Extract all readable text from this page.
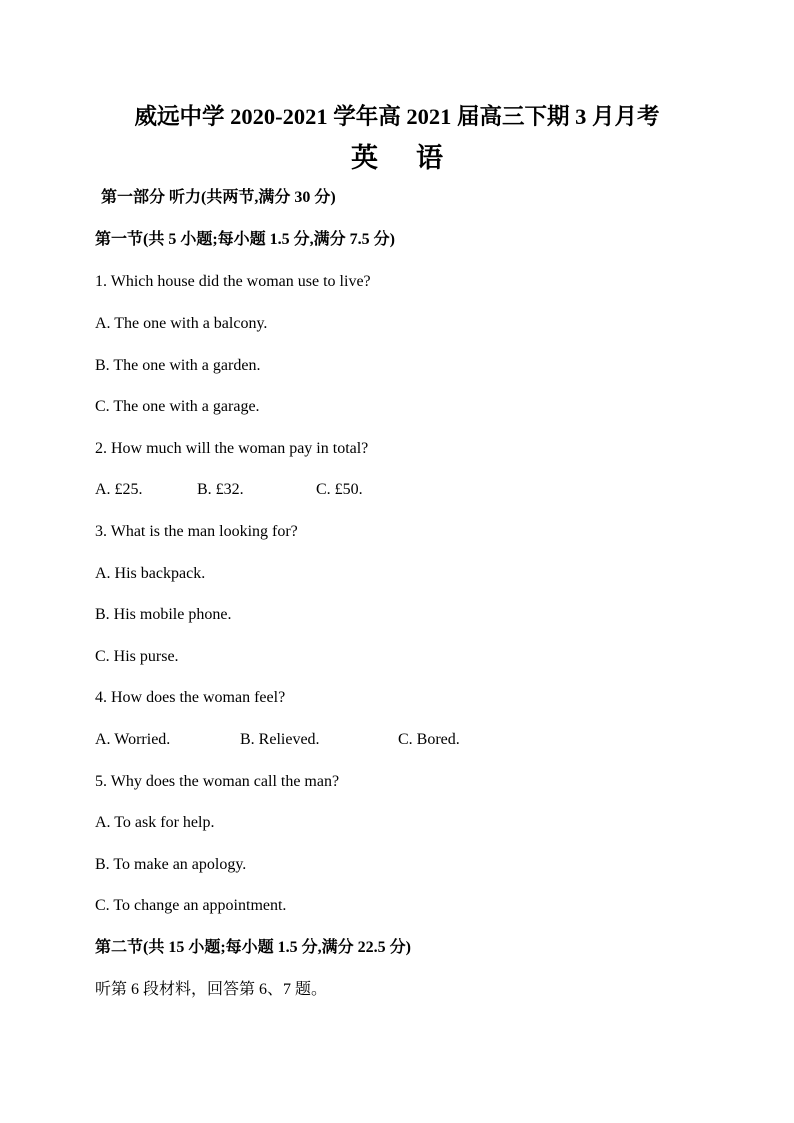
威远中学 2020-2021 学年高 2021 届高三下期 3 月月考
英 语
第一部分 听力(共两节,满分 30 分)
第一节(共 5 小题;每小题 1.5 分,满分 7.5 分)
1. Which house did the woman use to live?
A. The one with a balcony.
B. The one with a garden.
C. The one with a garage.
2. How much will the woman pay in total?
A. £25.	B. £32.	C. £50.
3. What is the man looking for?
A. His backpack.
B. His mobile phone.
C. His purse.
4. How does the woman feel?
A. Worried.	B. Relieved.	C. Bored.
5. Why does the woman call the man?
A. To ask for help.
B. To make an apology.
C. To change an appointment.
第二节(共 15 小题;每小题 1.5 分,满分 22.5 分)
听第 6 段材料，回答第 6、7 题。
